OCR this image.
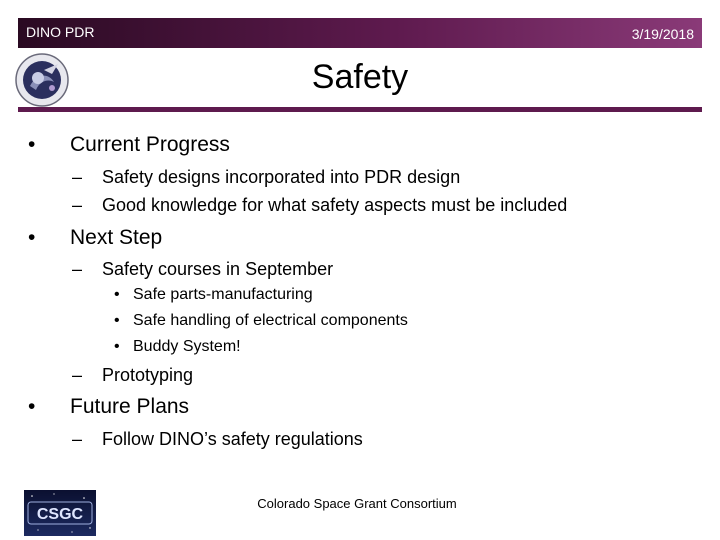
DINO PDR	3/19/2018
Safety
• Current Progress
– Safety designs incorporated into PDR design
– Good knowledge for what safety aspects must be included
• Next Step
– Safety courses in September
• Safe parts-manufacturing
• Safe handling of electrical components
• Buddy System!
– Prototyping
• Future Plans
– Follow DINO’s safety regulations
CSGC
Colorado Space Grant Consortium
